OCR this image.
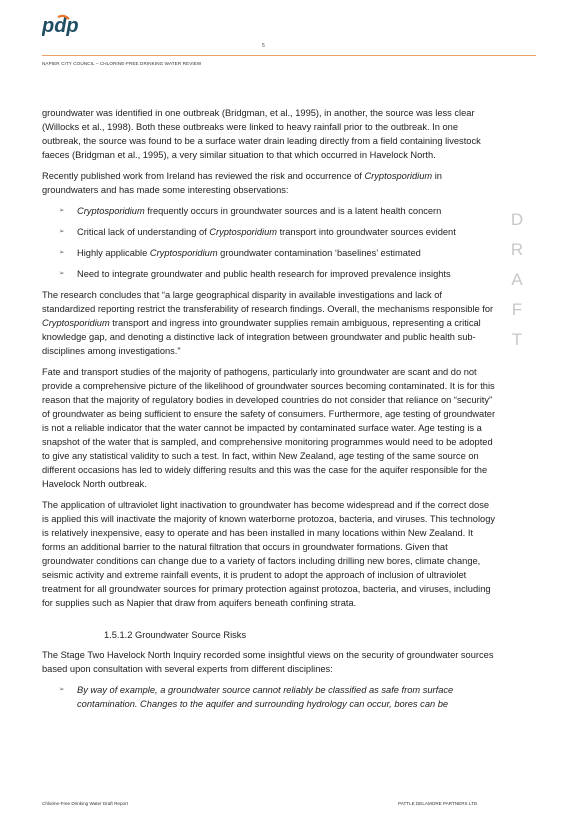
pdp
5
NAPIER CITY COUNCIL – CHLORINE-FREE DRINKING WATER REVIEW
D
R
A
F
T

groundwater was identified in one outbreak (Bridgman, et al., 1995), in another, the source was less clear (Willocks et al., 1998). Both these outbreaks were linked to heavy rainfall prior to the outbreak. In one outbreak, the source was found to be a surface water drain leading directly from a field containing livestock faeces (Bridgman et al., 1995), a very similar situation to that which occurred in Havelock North.

Recently published work from Ireland has reviewed the risk and occurrence of Cryptosporidium in groundwaters and has made some interesting observations:

➢ Cryptosporidium frequently occurs in groundwater sources and is a latent health concern
➢ Critical lack of understanding of Cryptosporidium transport into groundwater sources evident
➢ Highly applicable Cryptosporidium groundwater contamination ‘baselines’ estimated
➢ Need to integrate groundwater and public health research for improved prevalence insights

The research concludes that “a large geographical disparity in available investigations and lack of standardized reporting restrict the transferability of research findings. Overall, the mechanisms responsible for Cryptosporidium transport and ingress into groundwater supplies remain ambiguous, representing a critical knowledge gap, and denoting a distinctive lack of integration between groundwater and public health sub-disciplines among investigations.”

Fate and transport studies of the majority of pathogens, particularly into groundwater are scant and do not provide a comprehensive picture of the likelihood of groundwater sources becoming contaminated. It is for this reason that the majority of regulatory bodies in developed countries do not consider that reliance on “security” of groundwater as being sufficient to ensure the safety of consumers. Furthermore, age testing of groundwater is not a reliable indicator that the water cannot be impacted by contaminated surface water. Age testing is a snapshot of the water that is sampled, and comprehensive monitoring programmes would need to be adopted to give any statistical validity to such a test. In fact, within New Zealand, age testing of the same source on different occasions has led to widely differing results and this was the case for the aquifer responsible for the Havelock North outbreak.

The application of ultraviolet light inactivation to groundwater has become widespread and if the correct dose is applied this will inactivate the majority of known waterborne protozoa, bacteria, and viruses. This technology is relatively inexpensive, easy to operate and has been installed in many locations within New Zealand. It forms an additional barrier to the natural filtration that occurs in groundwater formations. Given that groundwater conditions can change due to a variety of factors including drilling new bores, climate change, seismic activity and extreme rainfall events, it is prudent to adopt the approach of inclusion of ultraviolet treatment for all groundwater sources for primary protection against protozoa, bacteria, and viruses, including for supplies such as Napier that draw from aquifers beneath confining strata.

1.5.1.2 Groundwater Source Risks

The Stage Two Havelock North Inquiry recorded some insightful views on the security of groundwater sources based upon consultation with several experts from different disciplines:

➢ By way of example, a groundwater source cannot reliably be classified as safe from surface contamination. Changes to the aquifer and surrounding hydrology can occur, bores can be
Chlorine-Free Drinking Water Draft Report	PATTLE DELAMORE PARTNERS LTD
